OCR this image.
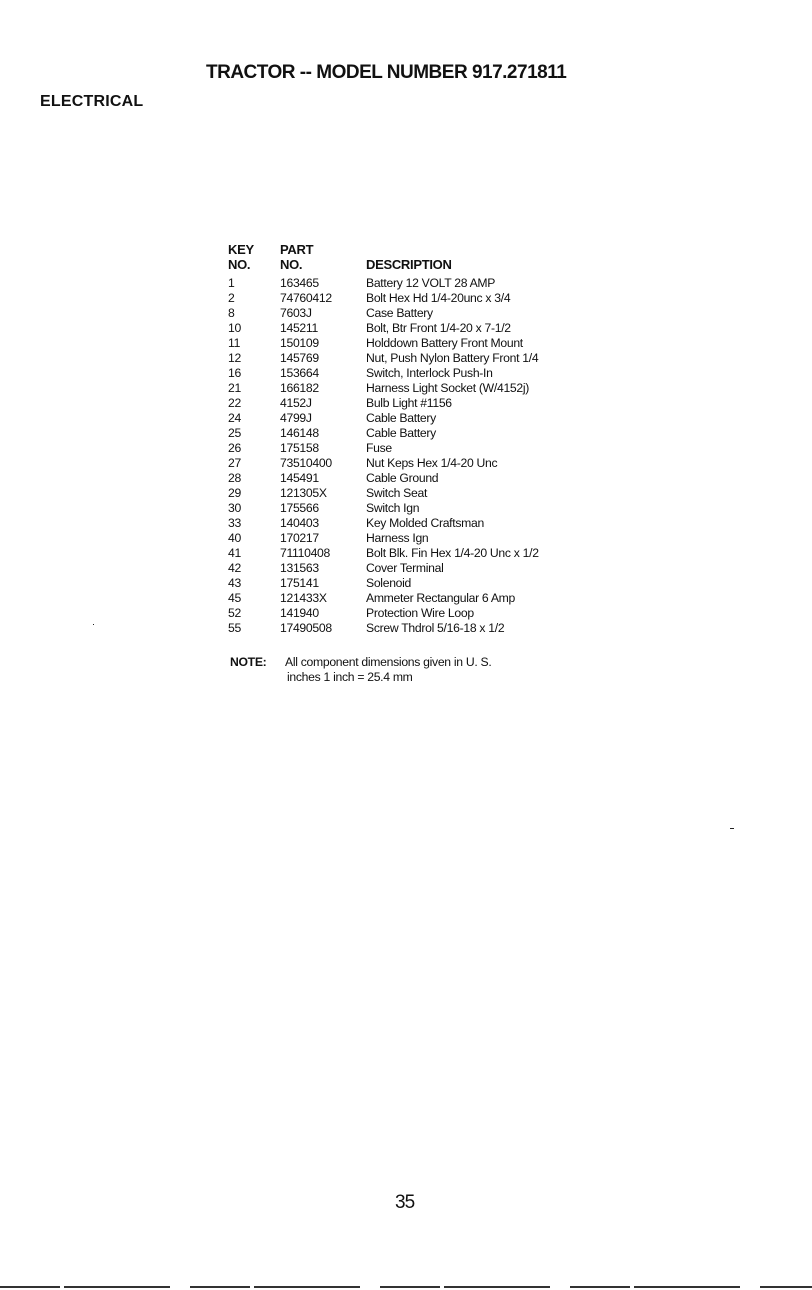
TRACTOR -- MODEL NUMBER 917.271811
ELECTRICAL
KEY PART
NO. NO.	DESCRIPTION
1	163465	Battery 12 VOLT 28 AMP
2	74760412	Bolt Hex Hd 1/4-20unc x 3/4
8	7603J	Case Battery
10	145211	Bolt, Btr Front 1/4-20 x 7-1/2
11	150109	Holddown Battery Front Mount
12	145769	Nut, Push Nylon Battery Front 1/4
16	153664	Switch, Interlock Push-In
21	166182	Harness Light Socket (W/4152j)
22	4152J	Bulb Light #1156
24	4799J	Cable Battery
25	146148	Cable Battery
26	175158	Fuse
27	73510400	Nut Keps Hex 1/4-20 Unc
28	145491	Cable Ground
29	121305X	Switch Seat
30	175566	Switch Ign
33	140403	Key Molded Craftsman
40	170217	Harness Ign
41	71110408	Bolt Blk. Fin Hex 1/4-20 Unc x 1/2
42	131563	Cover Terminal
43	175141	Solenoid
45	121433X	Ammeter Rectangular 6 Amp
52	141940	Protection Wire Loop
55	17490508	Screw Thdrol 5/16-18 x 1/2
NOTE: All component dimensions given in U. S.
inches 1 inch = 25.4 mm
35
